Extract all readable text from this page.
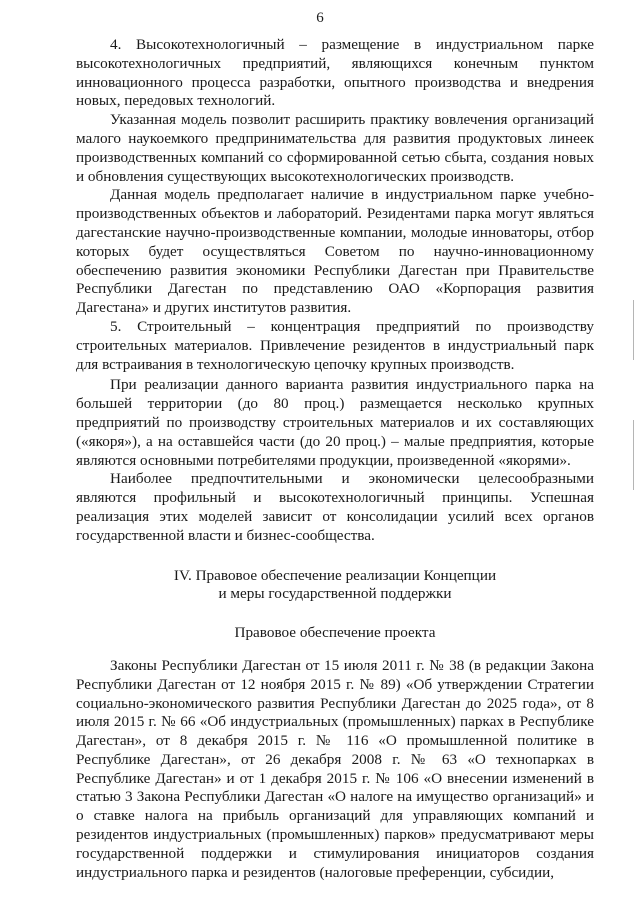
6

4. Высокотехнологичный – размещение в индустриальном парке высокотехнологичных предприятий, являющихся конечным пунктом инновационного процесса разработки, опытного производства и внедрения новых, передовых технологий.

Указанная модель позволит расширить практику вовлечения организаций малого наукоемкого предпринимательства для развития продуктовых линеек производственных компаний со сформированной сетью сбыта, создания новых и обновления существующих высокотехнологических производств.

Данная модель предполагает наличие в индустриальном парке учебно-производственных объектов и лабораторий. Резидентами парка могут являться дагестанские научно-производственные компании, молодые инноваторы, отбор которых будет осуществляться Советом по научно-инновационному обеспечению развития экономики Республики Дагестан при Правительстве Республики Дагестан по представлению ОАО «Корпорация развития Дагестана» и других институтов развития.

5. Строительный – концентрация предприятий по производству строительных материалов. Привлечение резидентов в индустриальный парк для встраивания в технологическую цепочку крупных производств.

При реализации данного варианта развития индустриального парка на большей территории (до 80 проц.) размещается несколько крупных предприятий по производству строительных материалов и их составляющих («якоря»), а на оставшейся части (до 20 проц.) – малые предприятия, которые являются основными потребителями продукции, произведенной «якорями».

Наиболее предпочтительными и экономически целесообразными являются профильный и высокотехнологичный принципы. Успешная реализация этих моделей зависит от консолидации усилий всех органов государственной власти и бизнес-сообщества.

IV. Правовое обеспечение реализации Концепции
и меры государственной поддержки
Правовое обеспечение проекта

Законы Республики Дагестан от 15 июля 2011 г. № 38 (в редакции Закона Республики Дагестан от 12 ноября 2015 г. № 89) «Об утверждении Стратегии социально-экономического развития Республики Дагестан до 2025 года», от 8 июля 2015 г. № 66 «Об индустриальных (промышленных) парках в Республике Дагестан», от 8 декабря 2015 г. № 116 «О промышленной политике в Республике Дагестан», от 26 декабря 2008 г. № 63 «О технопарках в Республике Дагестан» и от 1 декабря 2015 г. № 106 «О внесении изменений в статью 3 Закона Республики Дагестан «О налоге на имущество организаций» и о ставке налога на прибыль организаций для управляющих компаний и резидентов индустриальных (промышленных) парков» предусматривают меры государственной поддержки и стимулирования инициаторов создания индустриального парка и резидентов (налоговые преференции, субсидии,
